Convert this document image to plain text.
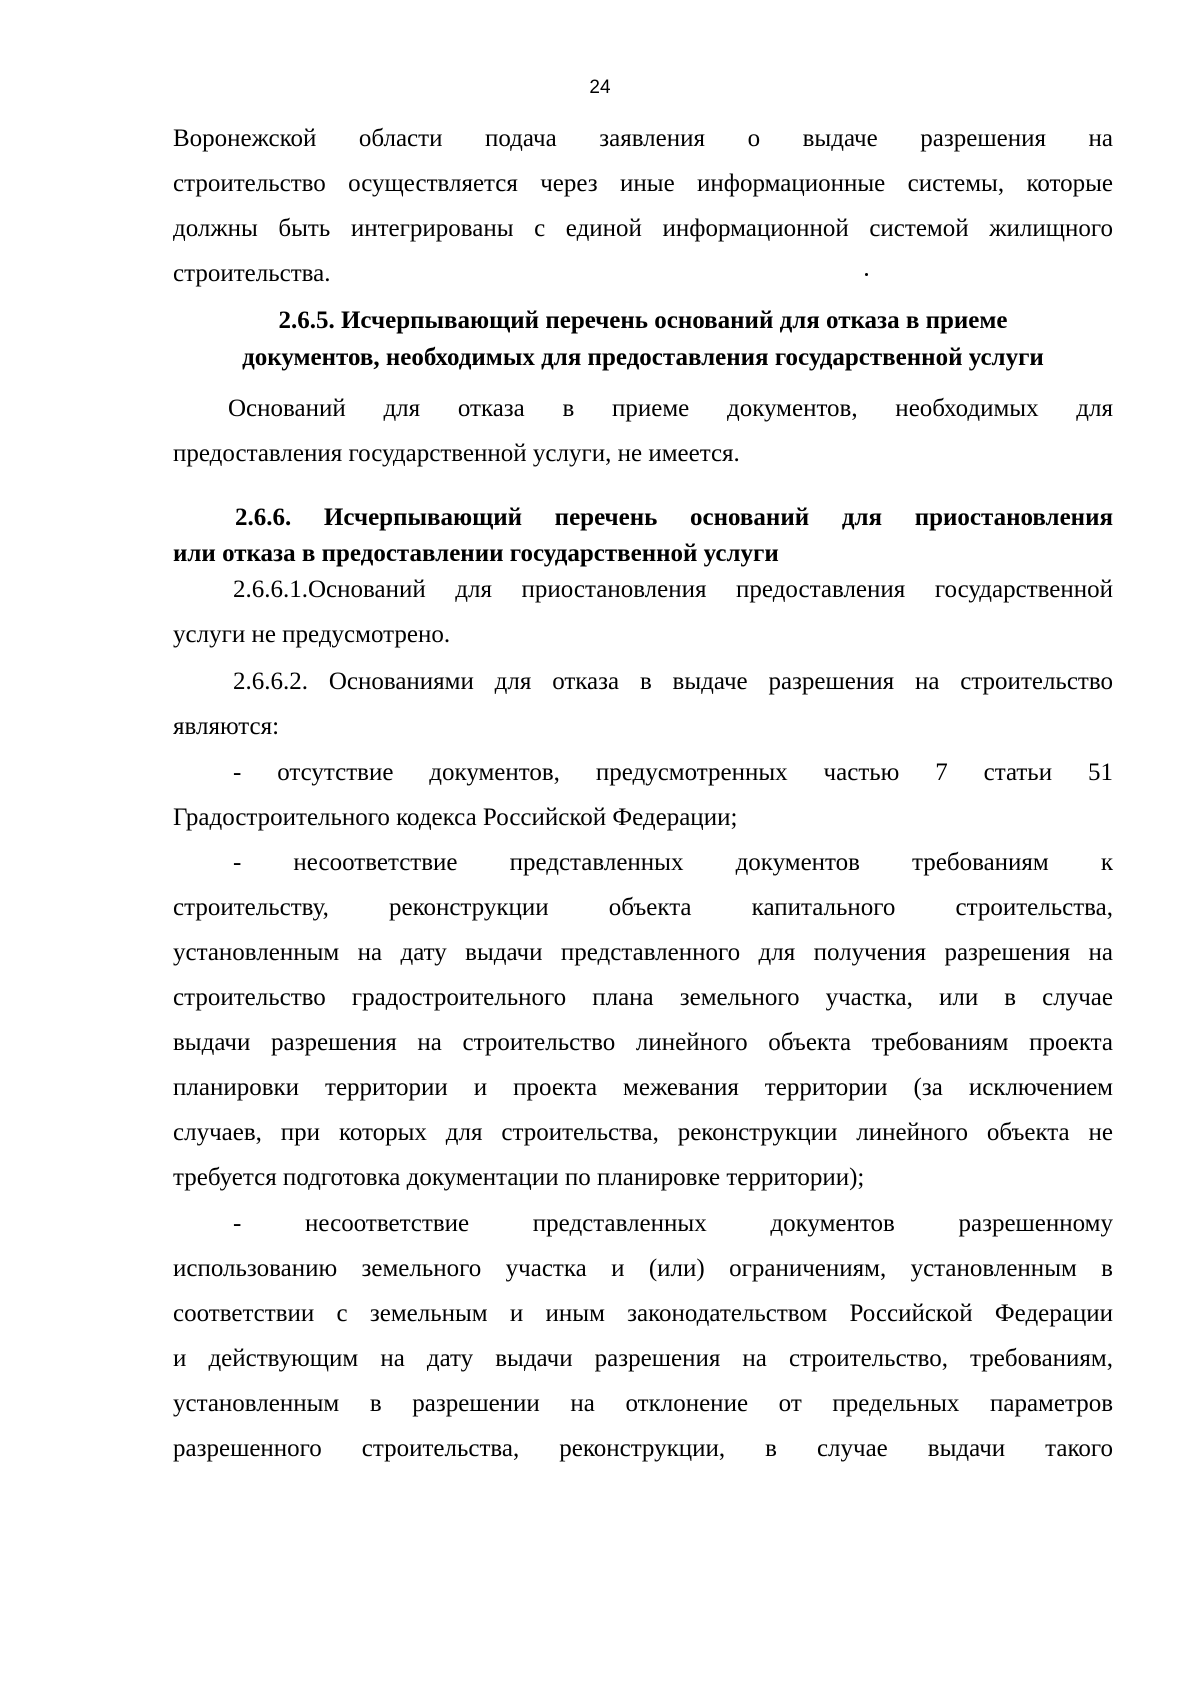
24
Воронежской области подача заявления о выдаче разрешения на
строительство осуществляется через иные информационные системы, которые
должны быть интегрированы с единой информационной системой жилищного
строительства.
2.6.5. Исчерпывающий перечень оснований для отказа в приеме
документов, необходимых для предоставления государственной услуги
Оснований для отказа в приеме документов, необходимых для
предоставления государственной услуги, не имеется.
2.6.6. Исчерпывающий перечень оснований для приостановления
или отказа в предоставлении государственной услуги
2.6.6.1.Оснований для приостановления предоставления государственной
услуги не предусмотрено.
2.6.6.2. Основаниями для отказа в выдаче разрешения на строительство
являются:
- отсутствие документов, предусмотренных частью 7 статьи 51
Градостроительного кодекса Российской Федерации;
- несоответствие представленных документов требованиям к
строительству, реконструкции объекта капитального строительства,
установленным на дату выдачи представленного для получения разрешения на
строительство градостроительного плана земельного участка, или в случае
выдачи разрешения на строительство линейного объекта требованиям проекта
планировки территории и проекта межевания территории (за исключением
случаев, при которых для строительства, реконструкции линейного объекта не
требуется подготовка документации по планировке территории);
- несоответствие представленных документов разрешенному
использованию земельного участка и (или) ограничениям, установленным в
соответствии с земельным и иным законодательством Российской Федерации
и действующим на дату выдачи разрешения на строительство, требованиям,
установленным в разрешении на отклонение от предельных параметров
разрешенного строительства, реконструкции, в случае выдачи такого
